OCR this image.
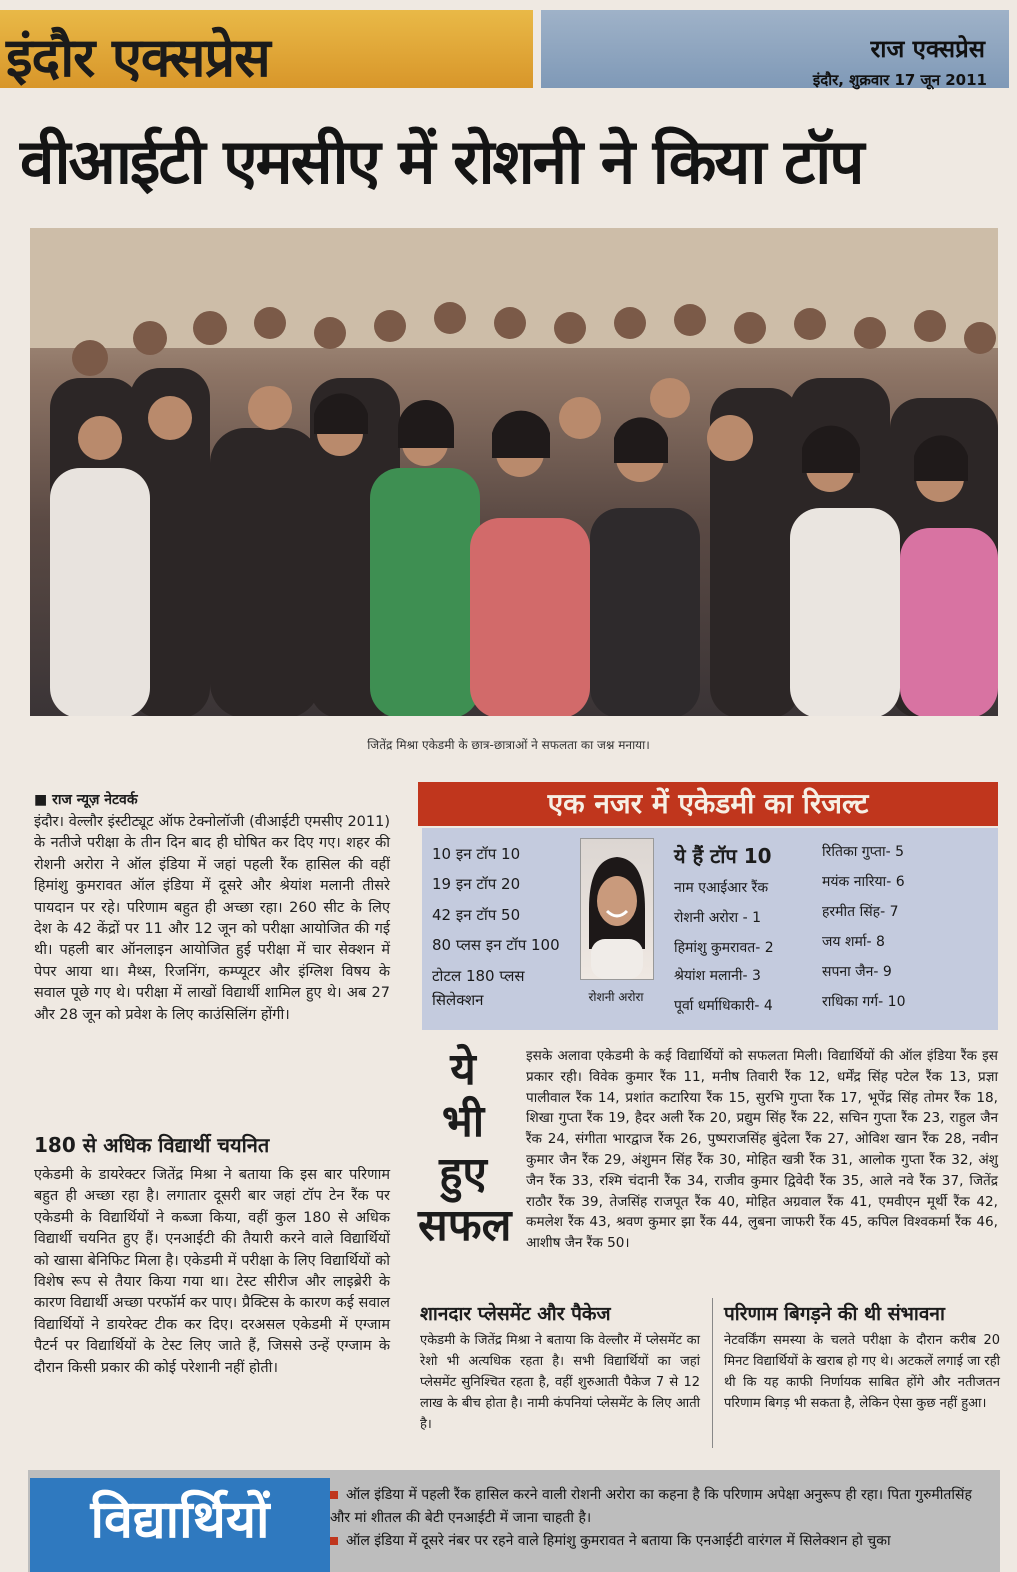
इंदौर एक्सप्रेस	राज एक्सप्रेस
इंदौर, शुक्रवार 17 जून 2011
वीआईटी एमसीए में रोशनी ने किया टॉप
जितेंद्र मिश्रा एकेडमी के छात्र-छात्राओं ने सफलता का जश्न मनाया।
■ राज न्यूज़ नेटवर्क
इंदौर। वेल्लौर इंस्टीट्यूट ऑफ टेक्नोलॉजी (वीआईटी एमसीए 2011) के नतीजे परीक्षा के तीन दिन बाद ही घोषित कर दिए गए। शहर की रोशनी अरोरा ने ऑल इंडिया में जहां पहली रैंक हासिल की वहीं हिमांशु कुमरावत ऑल इंडिया में दूसरे और श्रेयांश मलानी तीसरे पायदान पर रहे। परिणाम बहुत ही अच्छा रहा। 260 सीट के लिए देश के 42 केंद्रों पर 11 और 12 जून को परीक्षा आयोजित की गई थी। पहली बार ऑनलाइन आयोजित हुई परीक्षा में चार सेक्शन में पेपर आया था। मैथ्स, रिजनिंग, कम्प्यूटर और इंग्लिश विषय के सवाल पूछे गए थे। परीक्षा में लाखों विद्यार्थी शामिल हुए थे। अब 27 और 28 जून को प्रवेश के लिए काउंसिलिंग होंगी।
180 से अधिक विद्यार्थी चयनित
एकेडमी के डायरेक्टर जितेंद्र मिश्रा ने बताया कि इस बार परिणाम बहुत ही अच्छा रहा है। लगातार दूसरी बार जहां टॉप टेन रैंक पर एकेडमी के विद्यार्थियों ने कब्जा किया, वहीं कुल 180 से अधिक विद्यार्थी चयनित हुए हैं। एनआईटी की तैयारी करने वाले विद्यार्थियों को खासा बेनिफिट मिला है। एकेडमी में परीक्षा के लिए विद्यार्थियों को विशेष रूप से तैयार किया गया था। टेस्ट सीरीज और लाइब्रेरी के कारण विद्यार्थी अच्छा परफॉर्म कर पाए। प्रैक्टिस के कारण कई सवाल विद्यार्थियों ने डायरेक्ट टीक कर दिए। दरअसल एकेडमी में एग्जाम पैटर्न पर विद्यार्थियों के टेस्ट लिए जाते हैं, जिससे उन्हें एग्जाम के दौरान किसी प्रकार की कोई परेशानी नहीं होती।
एक नजर में एकेडमी का रिजल्ट
10 इन टॉप 10
19 इन टॉप 20
42 इन टॉप 50
80 प्लस इन टॉप 100
टोटल 180 प्लस
सिलेक्शन	रोशनी अरोरा
ये हैं टॉप 10
नाम एआईआर रैंक
रोशनी अरोरा - 1
हिमांशु कुमरावत- 2
श्रेयांश मलानी- 3
पूर्वा धर्माधिकारी- 4
रितिका गुप्ता- 5
मयंक नारिया- 6
हरमीत सिंह- 7
जय शर्मा- 8
सपना जैन- 9
राधिका गर्ग- 10
ये
भी
हुए
सफल
इसके अलावा एकेडमी के कई विद्यार्थियों को सफलता मिली। विद्यार्थियों की ऑल इंडिया रैंक इस प्रकार रही। विवेक कुमार रैंक 11, मनीष तिवारी रैंक 12, धर्मेंद्र सिंह पटेल रैंक 13, प्रज्ञा पालीवाल रैंक 14, प्रशांत कटारिया रैंक 15, सुरभि गुप्ता रैंक 17, भूपेंद्र सिंह तोमर रैंक 18, शिखा गुप्ता रैंक 19, हैदर अली रैंक 20, प्रद्युम सिंह रैंक 22, सचिन गुप्ता रैंक 23, राहुल जैन रैंक 24, संगीता भारद्वाज रैंक 26, पुष्पराजसिंह बुंदेला रैंक 27, ओविश खान रैंक 28, नवीन कुमार जैन रैंक 29, अंशुमन सिंह रैंक 30, मोहित खत्री रैंक 31, आलोक गुप्ता रैंक 32, अंशु जैन रैंक 33, रश्मि चंदानी रैंक 34, राजीव कुमार द्विवेदी रैंक 35, आले नवे रैंक 37, जितेंद्र राठौर रैंक 39, तेजसिंह राजपूत रैंक 40, मोहित अग्रवाल रैंक 41, एमवीएन मूर्थी रैंक 42, कमलेश रैंक 43, श्रवण कुमार झा रैंक 44, लुबना जाफरी रैंक 45, कपिल विश्वकर्मा रैंक 46, आशीष जैन रैंक 50।
शानदार प्लेसमेंट और पैकेज	परिणाम बिगड़ने की थी संभावना
एकेडमी के जितेंद्र मिश्रा ने बताया कि वेल्लौर में प्लेसमेंट का रेशो भी अत्यधिक रहता है। सभी विद्यार्थियों का जहां प्लेसमेंट सुनिश्चित रहता है, वहीं शुरुआती पैकेज 7 से 12 लाख के बीच होता है। नामी कंपनियां प्लेसमेंट के लिए आती है।
नेटवर्किंग समस्या के चलते परीक्षा के दौरान करीब 20 मिनट विद्यार्थियों के खराब हो गए थे। अटकलें लगाई जा रही थी कि यह काफी निर्णायक साबित होंगे और नतीजतन परिणाम बिगड़ भी सकता है, लेकिन ऐसा कुछ नहीं हुआ।
विद्यार्थियों	ऑल इंडिया में पहली रैंक हासिल करने वाली रोशनी अरोरा का कहना है कि परिणाम अपेक्षा अनुरूप ही रहा। पिता गुरुमीतसिंह और मां शीतल की बेटी एनआईटी में जाना चाहती है।
ऑल इंडिया में दूसरे नंबर पर रहने वाले हिमांशु कुमरावत ने बताया कि एनआईटी वारंगल में सिलेक्शन हो चुका
